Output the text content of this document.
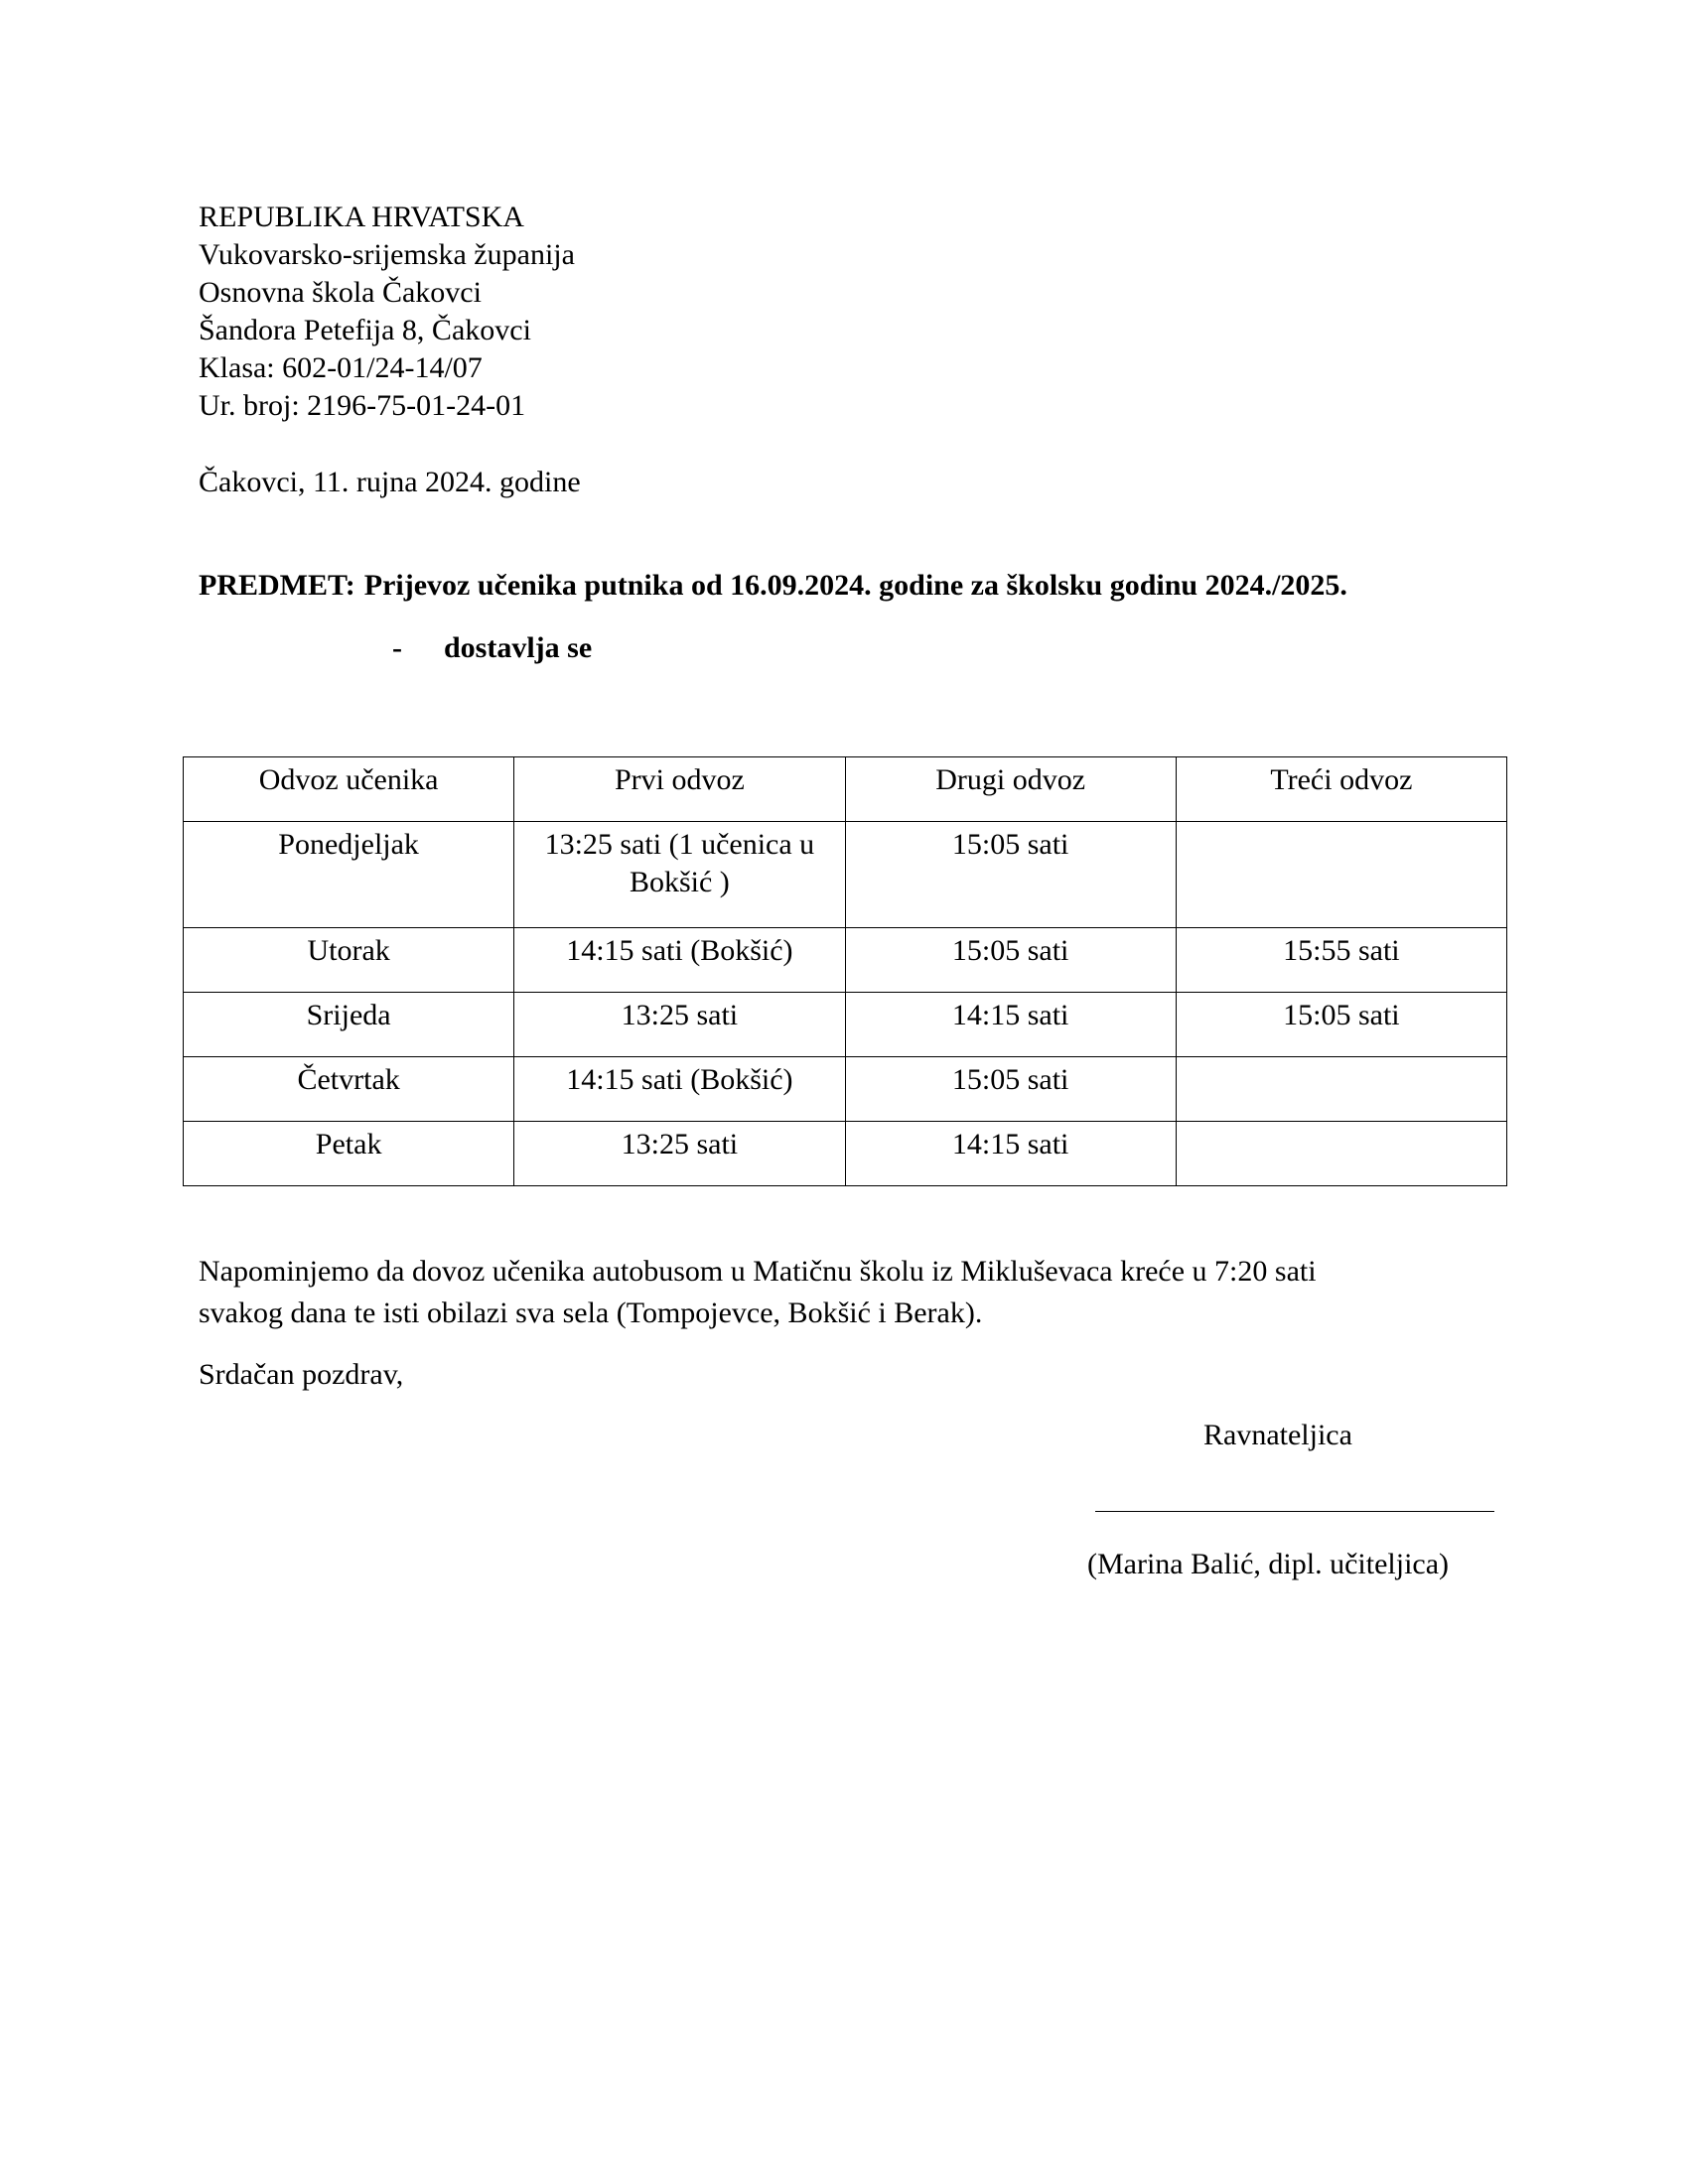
REPUBLIKA HRVATSKA
Vukovarsko-srijemska županija
Osnovna škola Čakovci
Šandora Petefija 8, Čakovci
Klasa: 602-01/24-14/07
Ur. broj: 2196-75-01-24-01
Čakovci, 11. rujna 2024. godine
PREDMET: Prijevoz učenika putnika od 16.09.2024. godine za školsku godinu 2024./2025.
- dostavlja se
Odvoz učenika	Prvi odvoz	Drugi odvoz	Treći odvoz
Ponedjeljak	13:25 sati (1 učenica u Bokšić )	15:05 sati	
Utorak	14:15 sati (Bokšić)	15:05 sati	15:55 sati
Srijeda	13:25 sati	14:15 sati	15:05 sati
Četvrtak	14:15 sati (Bokšić)	15:05 sati	
Petak	13:25 sati	14:15 sati	
Napominjemo da dovoz učenika autobusom u Matičnu školu iz Mikluševaca kreće u 7:20 sati
svakog dana te isti obilazi sva sela (Tompojevce, Bokšić i Berak).
Srdačan pozdrav,
Ravnateljica
(Marina Balić, dipl. učiteljica)
